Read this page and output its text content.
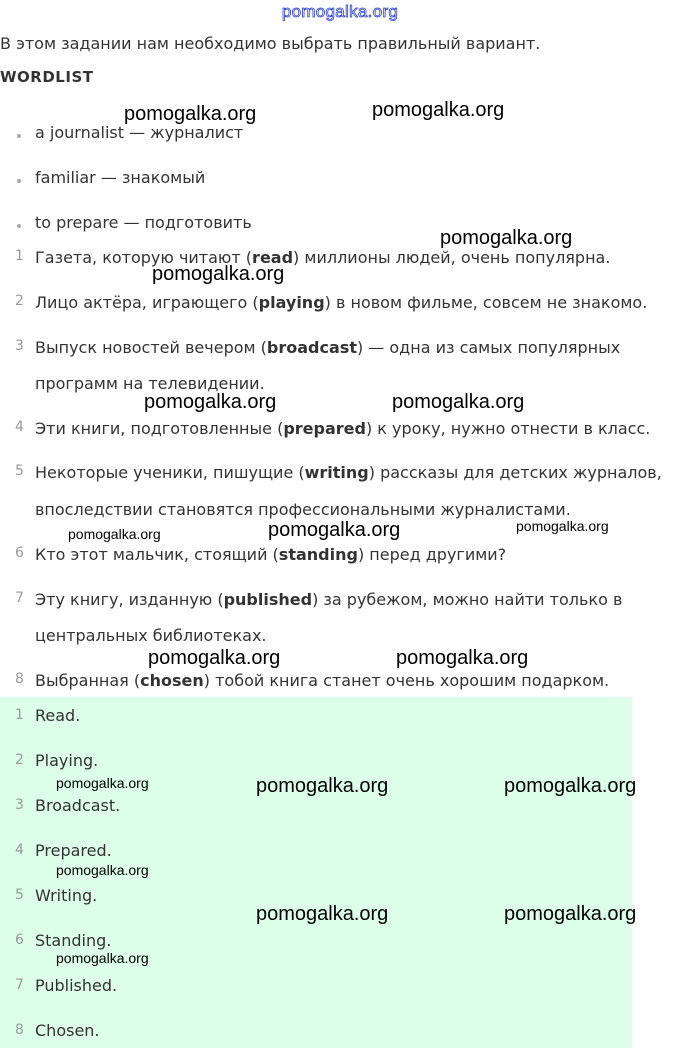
pomogalka.org
В этом задании нам необходимо выбрать правильный вариант.
WORDLIST
a journalist — журналист
familiar — знакомый
to prepare — подготовить
1 Газета, которую читают (read) миллионы людей, очень популярна.
2 Лицо актёра, играющего (playing) в новом фильме, совсем не знакомо.
3 Выпуск новостей вечером (broadcast) — одна из самых популярных
программ на телевидении.
4 Эти книги, подготовленные (prepared) к уроку, нужно отнести в класс.
5 Некоторые ученики, пишущие (writing) рассказы для детских журналов,
впоследствии становятся профессиональными журналистами.
6 Кто этот мальчик, стоящий (standing) перед другими?
7 Эту книгу, изданную (published) за рубежом, можно найти только в
центральных библиотеках.
8 Выбранная (chosen) тобой книга станет очень хорошим подарком.
1 Read.
2 Playing.
3 Broadcast.
4 Prepared.
5 Writing.
6 Standing.
7 Published.
8 Chosen.
pomogalka.org	pomogalka.org
pomogalka.org
pomogalka.org
pomogalka.org	pomogalka.org
pomogalka.org	pomogalka.org	pomogalka.org
pomogalka.org	pomogalka.org
pomogalka.org	pomogalka.org	pomogalka.org
pomogalka.org
pomogalka.org	pomogalka.org
pomogalka.org
